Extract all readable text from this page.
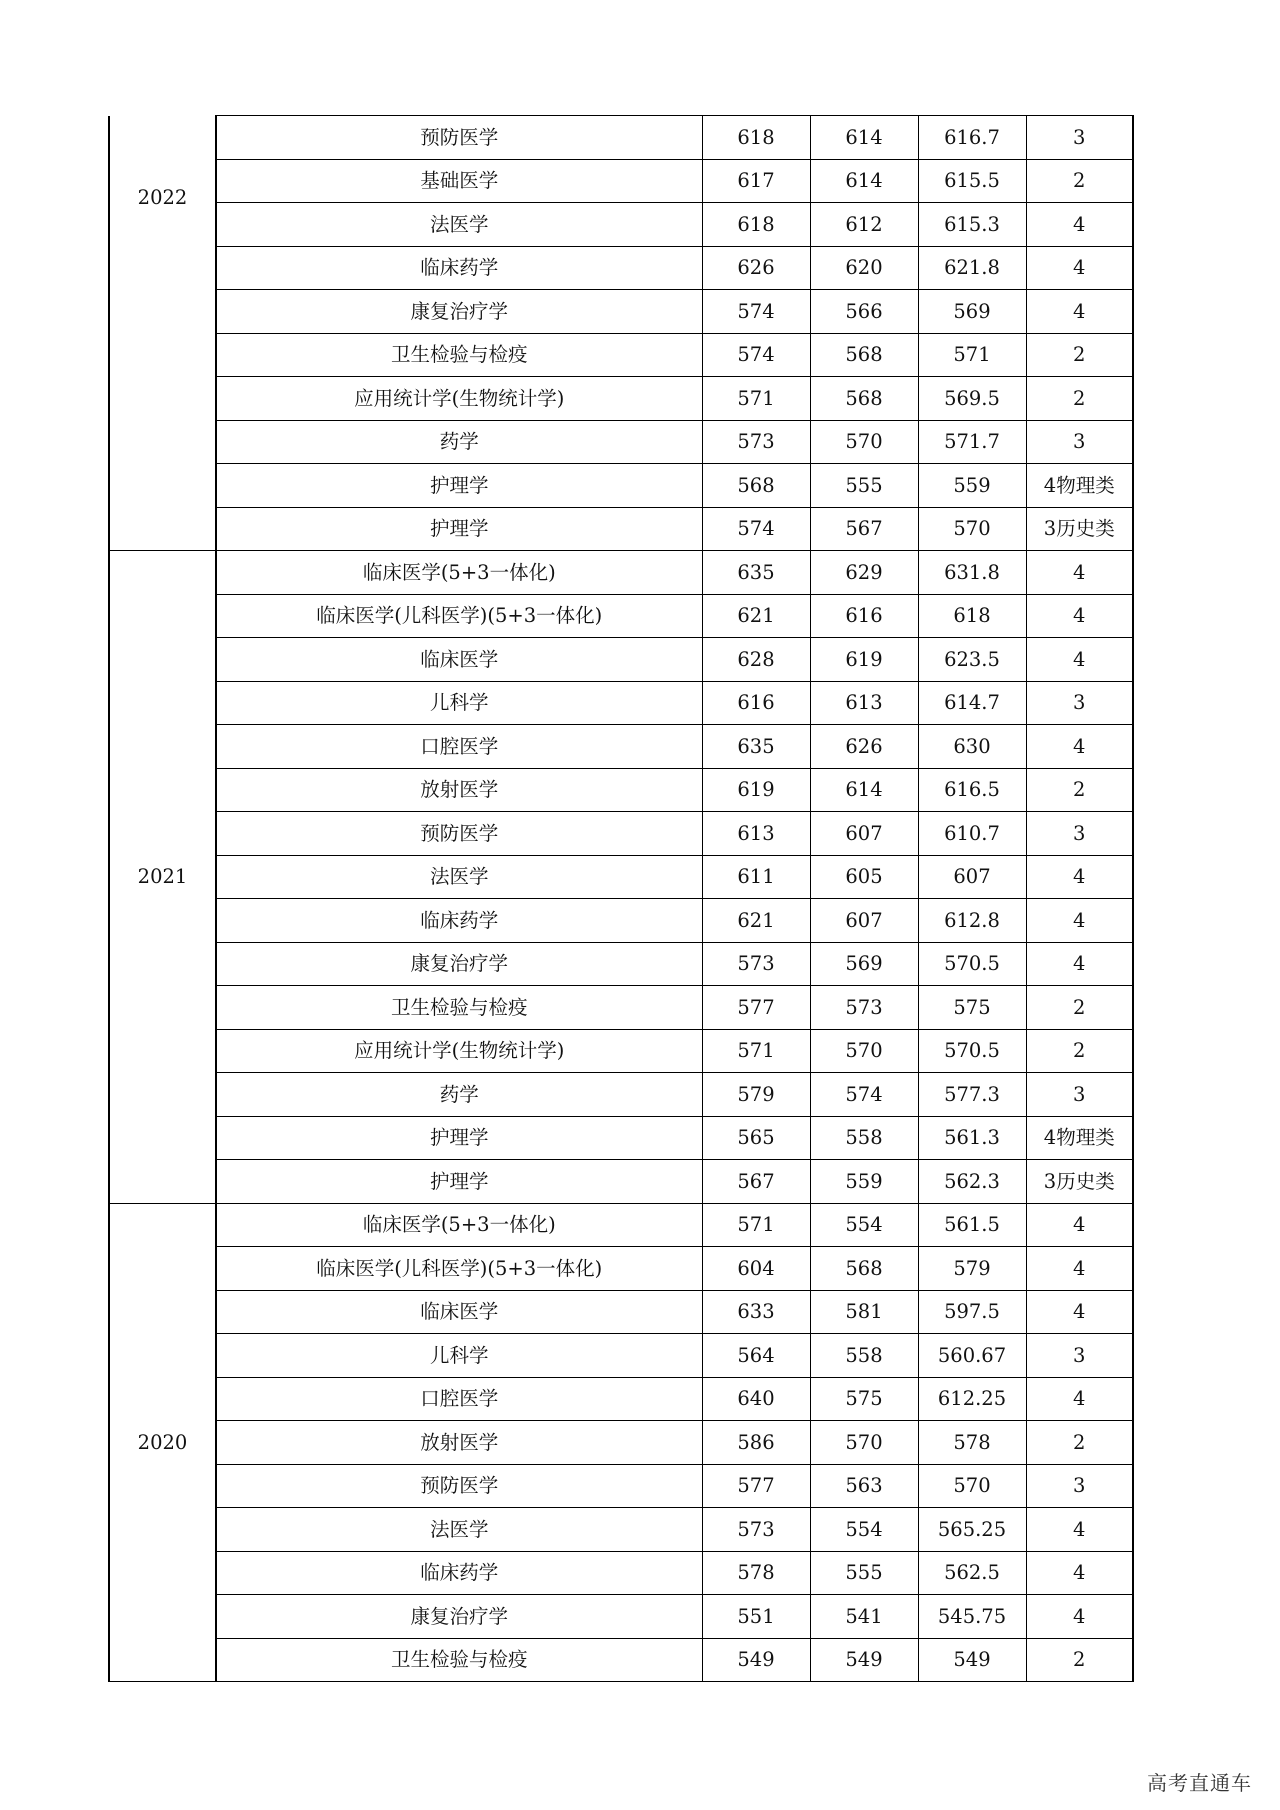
2022	预防医学	618	614	616.7	3
	基础医学	617	614	615.5	2
	法医学	618	612	615.3	4
	临床药学	626	620	621.8	4
	康复治疗学	574	566	569	4
	卫生检验与检疫	574	568	571	2
	应用统计学(生物统计学)	571	568	569.5	2
	药学	573	570	571.7	3
	护理学	568	555	559	4物理类
	护理学	574	567	570	3历史类
2021	临床医学(5+3一体化)	635	629	631.8	4
	临床医学(儿科医学)(5+3一体化)	621	616	618	4
	临床医学	628	619	623.5	4
	儿科学	616	613	614.7	3
	口腔医学	635	626	630	4
	放射医学	619	614	616.5	2
	预防医学	613	607	610.7	3
	法医学	611	605	607	4
	临床药学	621	607	612.8	4
	康复治疗学	573	569	570.5	4
	卫生检验与检疫	577	573	575	2
	应用统计学(生物统计学)	571	570	570.5	2
	药学	579	574	577.3	3
	护理学	565	558	561.3	4物理类
	护理学	567	559	562.3	3历史类
2020	临床医学(5+3一体化)	571	554	561.5	4
	临床医学(儿科医学)(5+3一体化)	604	568	579	4
	临床医学	633	581	597.5	4
	儿科学	564	558	560.67	3
	口腔医学	640	575	612.25	4
	放射医学	586	570	578	2
	预防医学	577	563	570	3
	法医学	573	554	565.25	4
	临床药学	578	555	562.5	4
	康复治疗学	551	541	545.75	4
	卫生检验与检疫	549	549	549	2
高考直通车
